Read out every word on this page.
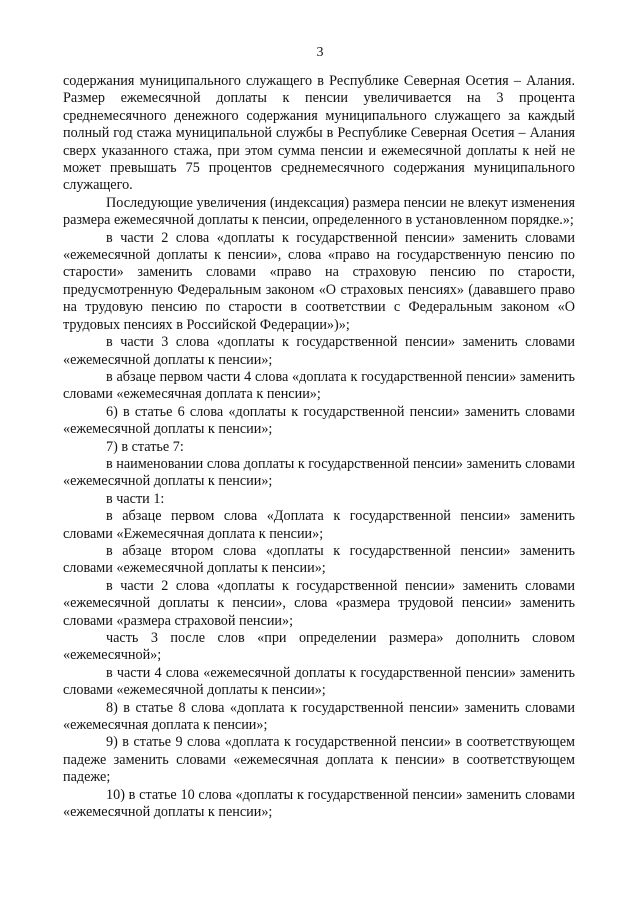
3

содержания муниципального служащего в Республике Северная Осетия – Алания. Размер ежемесячной доплаты к пенсии увеличивается на 3 процента среднемесячного денежного содержания муниципального служащего за каждый полный год стажа муниципальной службы в Республике Северная Осетия – Алания сверх указанного стажа, при этом сумма пенсии и ежемесячной доплаты к ней не может превышать 75 процентов среднемесячного содержания муниципального служащего.

Последующие увеличения (индексация) размера пенсии не влекут изменения размера ежемесячной доплаты к пенсии, определенного в установленном порядке.»;

в части 2 слова «доплаты к государственной пенсии» заменить словами «ежемесячной доплаты к пенсии», слова «право на государственную пенсию по старости» заменить словами «право на страховую пенсию по старости, предусмотренную Федеральным законом «О страховых пенсиях» (дававшего право на трудовую пенсию по старости в соответствии с Федеральным законом «О трудовых пенсиях в Российской Федерации»)»;

в части 3 слова «доплаты к государственной пенсии» заменить словами «ежемесячной доплаты к пенсии»;

в абзаце первом части 4 слова «доплата к государственной пенсии» заменить словами «ежемесячная доплата к пенсии»;

6) в статье 6 слова «доплаты к государственной пенсии» заменить словами «ежемесячной доплаты к пенсии»;

7) в статье 7:

в наименовании слова доплаты к государственной пенсии» заменить словами «ежемесячной доплаты к пенсии»;

в части 1:

в абзаце первом слова «Доплата к государственной пенсии» заменить словами «Ежемесячная доплата к пенсии»;

в абзаце втором слова «доплаты к государственной пенсии» заменить словами «ежемесячной доплаты к пенсии»;

в части 2 слова «доплаты к государственной пенсии» заменить словами «ежемесячной доплаты к пенсии», слова «размера трудовой пенсии» заменить словами «размера страховой пенсии»;

часть 3 после слов «при определении размера» дополнить словом «ежемесячной»;

в части 4 слова «ежемесячной доплаты к государственной пенсии» заменить словами «ежемесячной доплаты к пенсии»;

8) в статье 8 слова «доплата к государственной пенсии» заменить словами «ежемесячная доплата к пенсии»;

9) в статье 9 слова «доплата к государственной пенсии» в соответствующем падеже заменить словами «ежемесячная доплата к пенсии» в соответствующем падеже;

10) в статье 10 слова «доплаты к государственной пенсии» заменить словами «ежемесячной доплаты к пенсии»;
